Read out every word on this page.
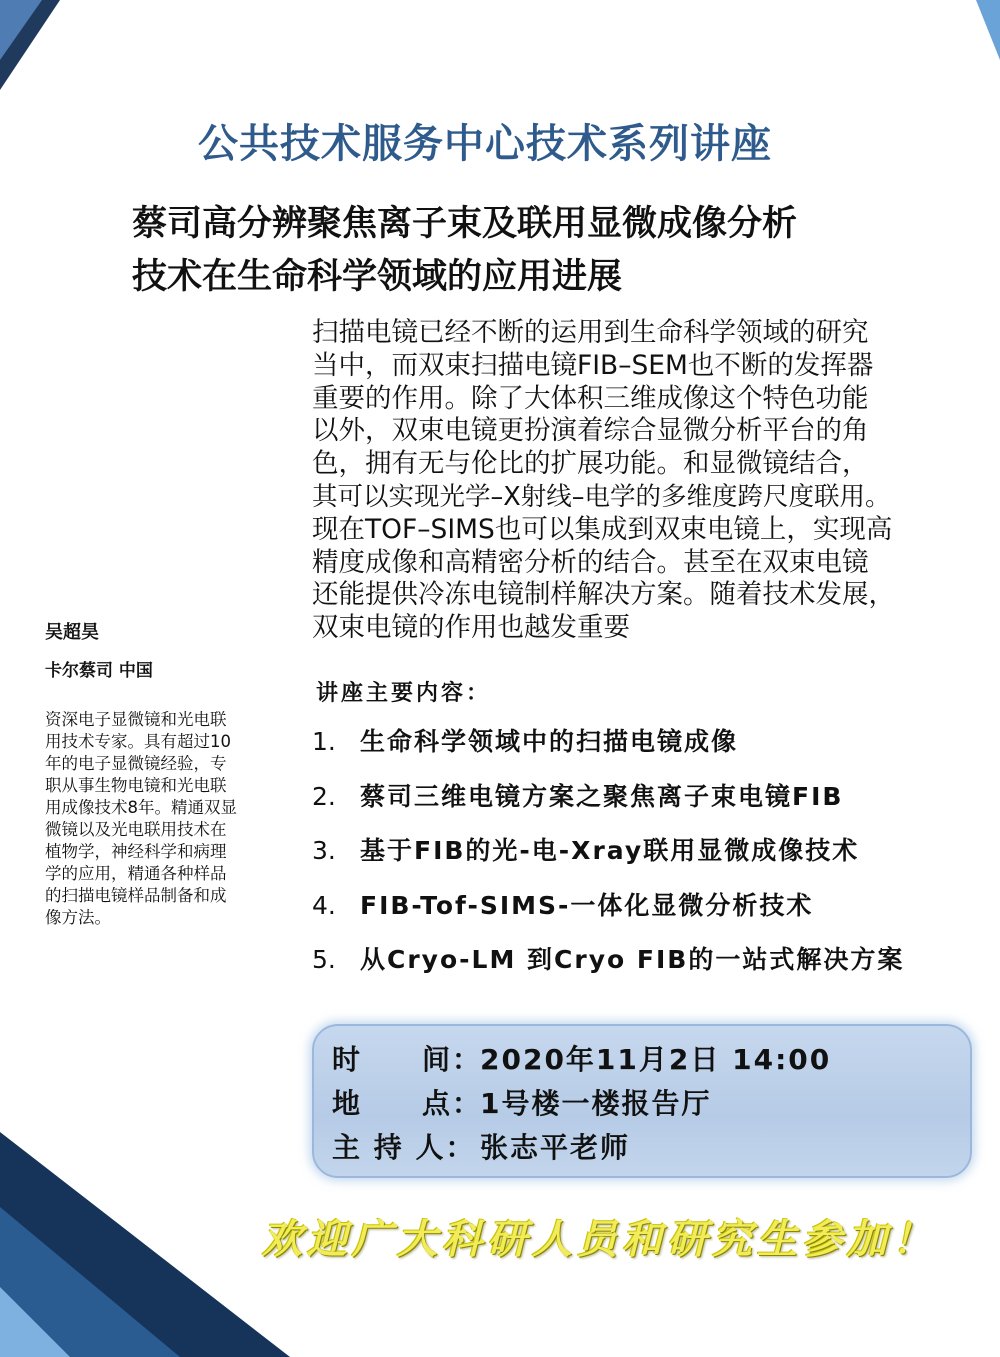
公共技术服务中心技术系列讲座
蔡司高分辨聚焦离子束及联用显微成像分析
技术在生命科学领域的应用进展
扫描电镜已经不断的运用到生命科学领域的研究
当中，而双束扫描电镜FIB–SEM也不断的发挥器
重要的作用。除了大体积三维成像这个特色功能
以外，双束电镜更扮演着综合显微分析平台的角
色，拥有无与伦比的扩展功能。和显微镜结合，
其可以实现光学–X射线–电学的多维度跨尺度联用。
现在TOF–SIMS也可以集成到双束电镜上，实现高
精度成像和高精密分析的结合。甚至在双束电镜
还能提供冷冻电镜制样解决方案。随着技术发展，
双束电镜的作用也越发重要
吴超昊
卡尔蔡司 中国
资深电子显微镜和光电联
用技术专家。具有超过10
年的电子显微镜经验，专
职从事生物电镜和光电联
用成像技术8年。精通双显
微镜以及光电联用技术在
植物学，神经科学和病理
学的应用，精通各种样品
的扫描电镜样品制备和成
像方法。
讲座主要内容：
1. 生命科学领域中的扫描电镜成像
2. 蔡司三维电镜方案之聚焦离子束电镜FIB
3. 基于FIB的光-电-Xray联用显微成像技术
4. FIB-Tof-SIMS-一体化显微分析技术
5. 从Cryo-LM 到Cryo FIB的一站式解决方案
时　　间：2020年11月2日 14:00
地　　点：1号楼一楼报告厅
主 持 人： 张志平老师
欢迎广大科研人员和研究生参加！
